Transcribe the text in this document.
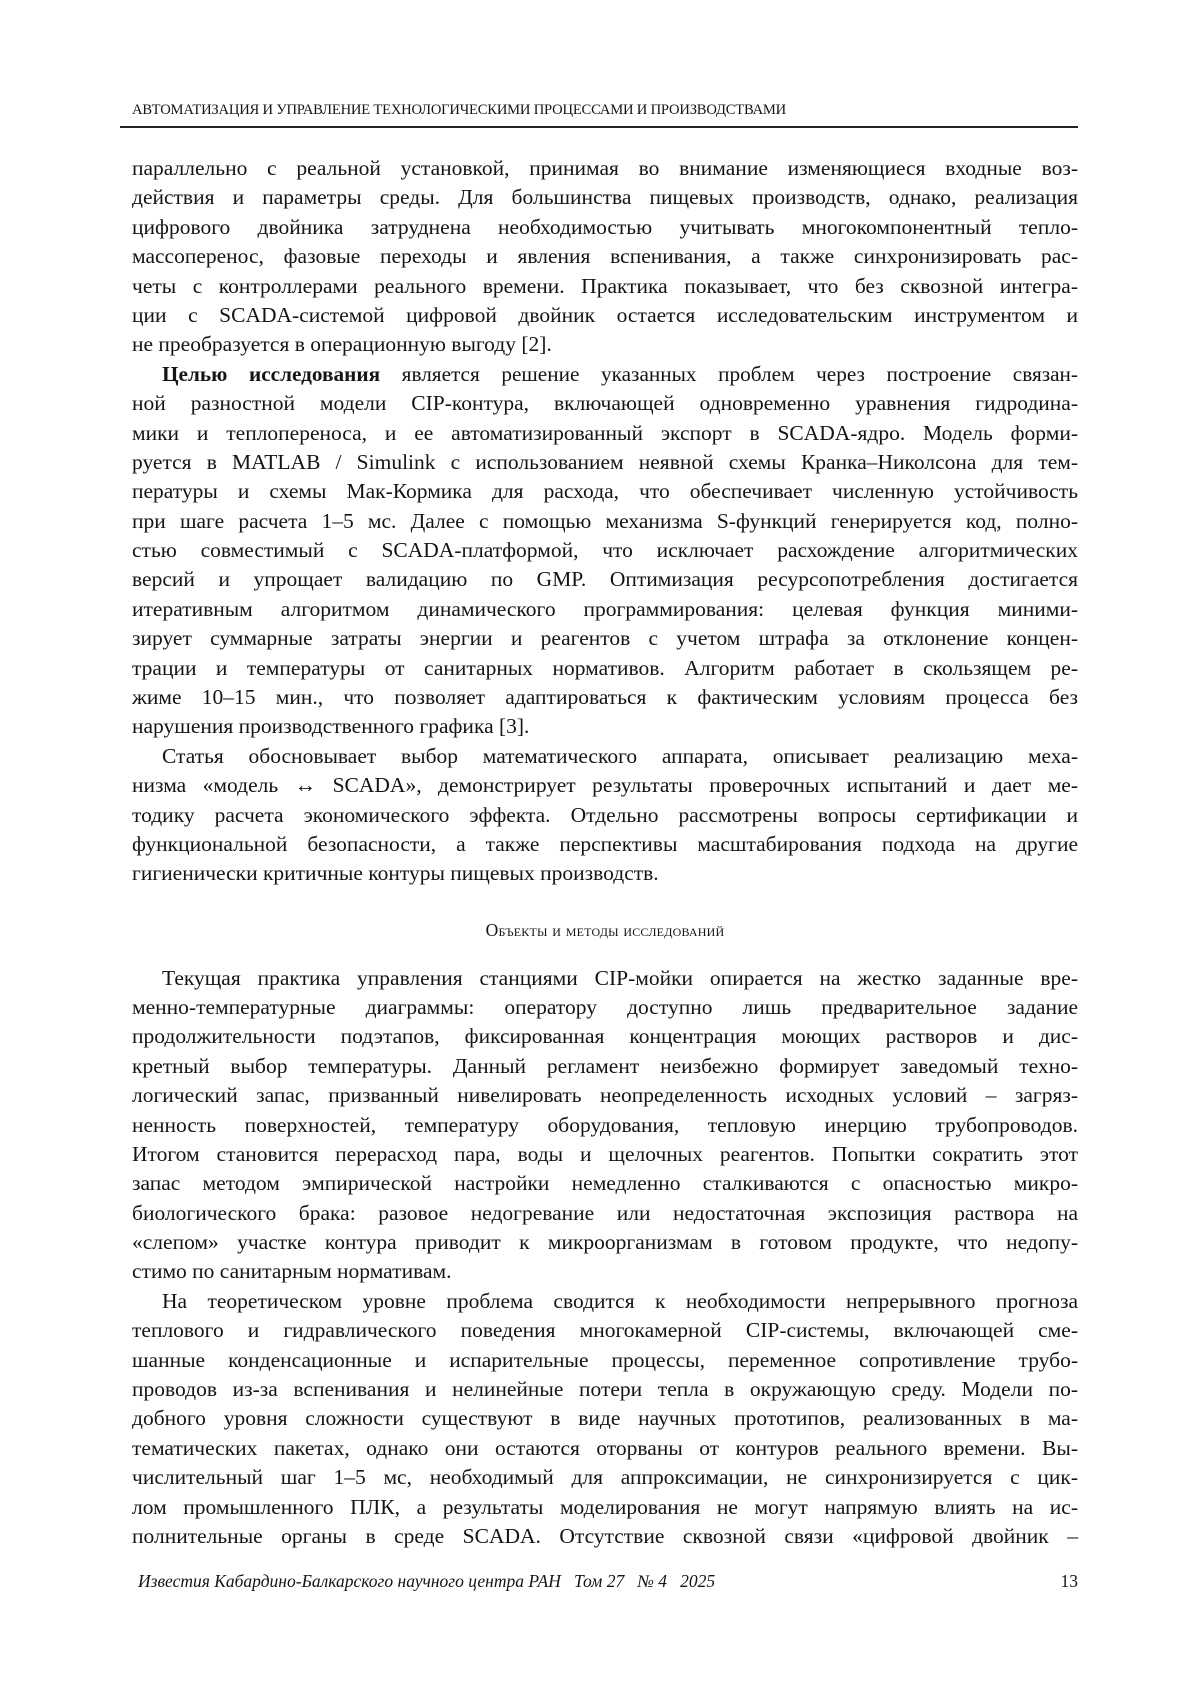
АВТОМАТИЗАЦИЯ И УПРАВЛЕНИЕ ТЕХНОЛОГИЧЕСКИМИ ПРОЦЕССАМИ И ПРОИЗВОДСТВАМИ
параллельно с реальной установкой, принимая во внимание изменяющиеся входные воз-
действия и параметры среды. Для большинства пищевых производств, однако, реализация
цифрового двойника затруднена необходимостью учитывать многокомпонентный тепло-
массоперенос, фазовые переходы и явления вспенивания, а также синхронизировать рас-
четы с контроллерами реального времени. Практика показывает, что без сквозной интегра-
ции с SCADA-системой цифровой двойник остается исследовательским инструментом и
не преобразуется в операционную выгоду [2].
Целью исследования является решение указанных проблем через построение связан-
ной разностной модели CIP-контура, включающей одновременно уравнения гидродина-
мики и теплопереноса, и ее автоматизированный экспорт в SCADA-ядро. Модель форми-
руется в MATLAB / Simulink с использованием неявной схемы Кранка–Николсона для тем-
пературы и схемы Мак-Кормика для расхода, что обеспечивает численную устойчивость
при шаге расчета 1–5 мс. Далее с помощью механизма S-функций генерируется код, полно-
стью совместимый с SCADA-платформой, что исключает расхождение алгоритмических
версий и упрощает валидацию по GMP. Оптимизация ресурсопотребления достигается
итеративным алгоритмом динамического программирования: целевая функция миними-
зирует суммарные затраты энергии и реагентов с учетом штрафа за отклонение концен-
трации и температуры от санитарных нормативов. Алгоритм работает в скользящем ре-
жиме 10–15 мин., что позволяет адаптироваться к фактическим условиям процесса без
нарушения производственного графика [3].
Статья обосновывает выбор математического аппарата, описывает реализацию меха-
низма «модель ↔ SCADA», демонстрирует результаты проверочных испытаний и дает ме-
тодику расчета экономического эффекта. Отдельно рассмотрены вопросы сертификации и
функциональной безопасности, а также перспективы масштабирования подхода на другие
гигиенически критичные контуры пищевых производств.
Объекты и методы исследований
Текущая практика управления станциями CIP-мойки опирается на жестко заданные вре-
менно-температурные диаграммы: оператору доступно лишь предварительное задание
продолжительности подэтапов, фиксированная концентрация моющих растворов и дис-
кретный выбор температуры. Данный регламент неизбежно формирует заведомый техно-
логический запас, призванный нивелировать неопределенность исходных условий – загряз-
ненность поверхностей, температуру оборудования, тепловую инерцию трубопроводов.
Итогом становится перерасход пара, воды и щелочных реагентов. Попытки сократить этот
запас методом эмпирической настройки немедленно сталкиваются с опасностью микро-
биологического брака: разовое недогревание или недостаточная экспозиция раствора на
«слепом» участке контура приводит к микроорганизмам в готовом продукте, что недопу-
стимо по санитарным нормативам.
На теоретическом уровне проблема сводится к необходимости непрерывного прогноза
теплового и гидравлического поведения многокамерной CIP-системы, включающей сме-
шанные конденсационные и испарительные процессы, переменное сопротивление трубо-
проводов из-за вспенивания и нелинейные потери тепла в окружающую среду. Модели по-
добного уровня сложности существуют в виде научных прототипов, реализованных в ма-
тематических пакетах, однако они остаются оторваны от контуров реального времени. Вы-
числительный шаг 1–5 мс, необходимый для аппроксимации, не синхронизируется с цик-
лом промышленного ПЛК, а результаты моделирования не могут напрямую влиять на ис-
полнительные органы в среде SCADA. Отсутствие сквозной связи «цифровой двойник –
Известия Кабардино-Балкарского научного центра РАН   Том 27   № 4   2025	13
